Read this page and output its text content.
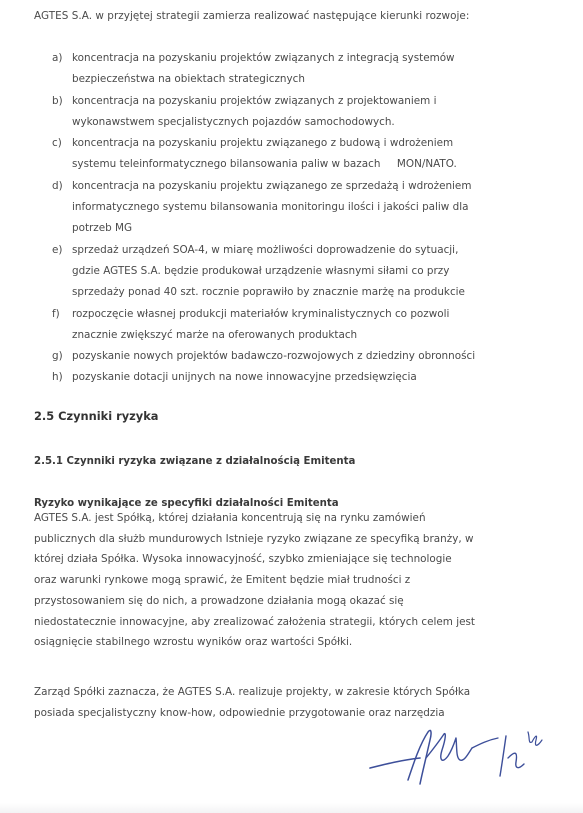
AGTES S.A. w przyjętej strategii zamierza realizować następujące kierunki rozwoje:
a) koncentracja na pozyskaniu projektów związanych z integracją systemów
bezpieczeństwa na obiektach strategicznych
b) koncentracja na pozyskaniu projektów związanych z projektowaniem i
wykonawstwem specjalistycznych pojazdów samochodowych.
c) koncentracja na pozyskaniu projektu związanego z budową i wdrożeniem
systemu teleinformatycznego bilansowania paliw w bazach     MON/NATO.
d) koncentracja na pozyskaniu projektu związanego ze sprzedażą i wdrożeniem
informatycznego systemu bilansowania monitoringu ilości i jakości paliw dla
potrzeb MG
e) sprzedaż urządzeń SOA-4, w miarę możliwości doprowadzenie do sytuacji,
gdzie AGTES S.A. będzie produkował urządzenie własnymi siłami co przy
sprzedaży ponad 40 szt. rocznie poprawiło by znacznie marżę na produkcie
f)	rozpoczęcie własnej produkcji materiałów kryminalistycznych co pozwoli
znacznie zwiększyć marże na oferowanych produktach
g) pozyskanie nowych projektów badawczo-rozwojowych z dziedziny obronności
h) pozyskanie dotacji unijnych na nowe innowacyjne przedsięwzięcia
2.5 Czynniki ryzyka
2.5.1 Czynniki ryzyka związane z działalnością Emitenta
Ryzyko wynikające ze specyfiki działalności Emitenta
AGTES S.A. jest Spółką, której działania koncentrują się na rynku zamówień
publicznych dla służb mundurowych Istnieje ryzyko związane ze specyfiką branży, w
której działa Spółka. Wysoka innowacyjność, szybko zmieniające się technologie
oraz warunki rynkowe mogą sprawić, że Emitent będzie miał trudności z
przystosowaniem się do nich, a prowadzone działania mogą okazać się
niedostatecznie innowacyjne, aby zrealizować założenia strategii, których celem jest
osiągnięcie stabilnego wzrostu wyników oraz wartości Spółki.
Zarząd Spółki zaznacza, że AGTES S.A. realizuje projekty, w zakresie których Spółka
posiada specjalistyczny know-how, odpowiednie przygotowanie oraz narzędzia
